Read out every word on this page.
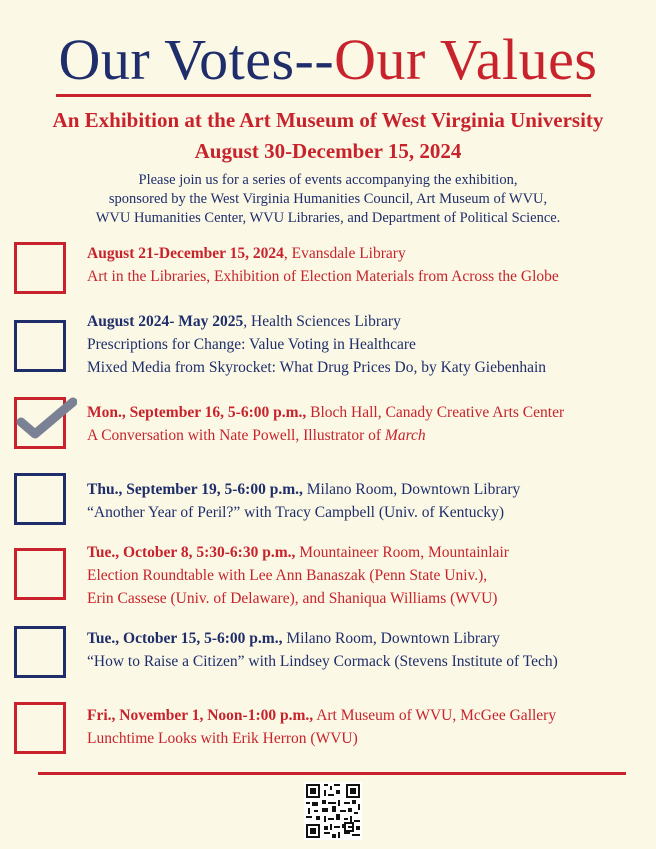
Our Votes--Our Values
An Exhibition at the Art Museum of West Virginia University
August 30-December 15, 2024
Please join us for a series of events accompanying the exhibition,
sponsored by the West Virginia Humanities Council, Art Museum of WVU,
WVU Humanities Center, WVU Libraries, and Department of Political Science.
August 21-December 15, 2024, Evansdale Library
Art in the Libraries, Exhibition of Election Materials from Across the Globe
August 2024- May 2025, Health Sciences Library
Prescriptions for Change: Value Voting in Healthcare
Mixed Media from Skyrocket: What Drug Prices Do, by Katy Giebenhain
Mon., September 16, 5-6:00 p.m., Bloch Hall, Canady Creative Arts Center
A Conversation with Nate Powell, Illustrator of March
Thu., September 19, 5-6:00 p.m., Milano Room, Downtown Library
“Another Year of Peril?” with Tracy Campbell (Univ. of Kentucky)
Tue., October 8, 5:30-6:30 p.m., Mountaineer Room, Mountainlair
Election Roundtable with Lee Ann Banaszak (Penn State Univ.),
Erin Cassese (Univ. of Delaware), and Shaniqua Williams (WVU)
Tue., October 15, 5-6:00 p.m., Milano Room, Downtown Library
“How to Raise a Citizen” with Lindsey Cormack (Stevens Institute of Tech)
Fri., November 1, Noon-1:00 p.m., Art Museum of WVU, McGee Gallery
Lunchtime Looks with Erik Herron (WVU)
